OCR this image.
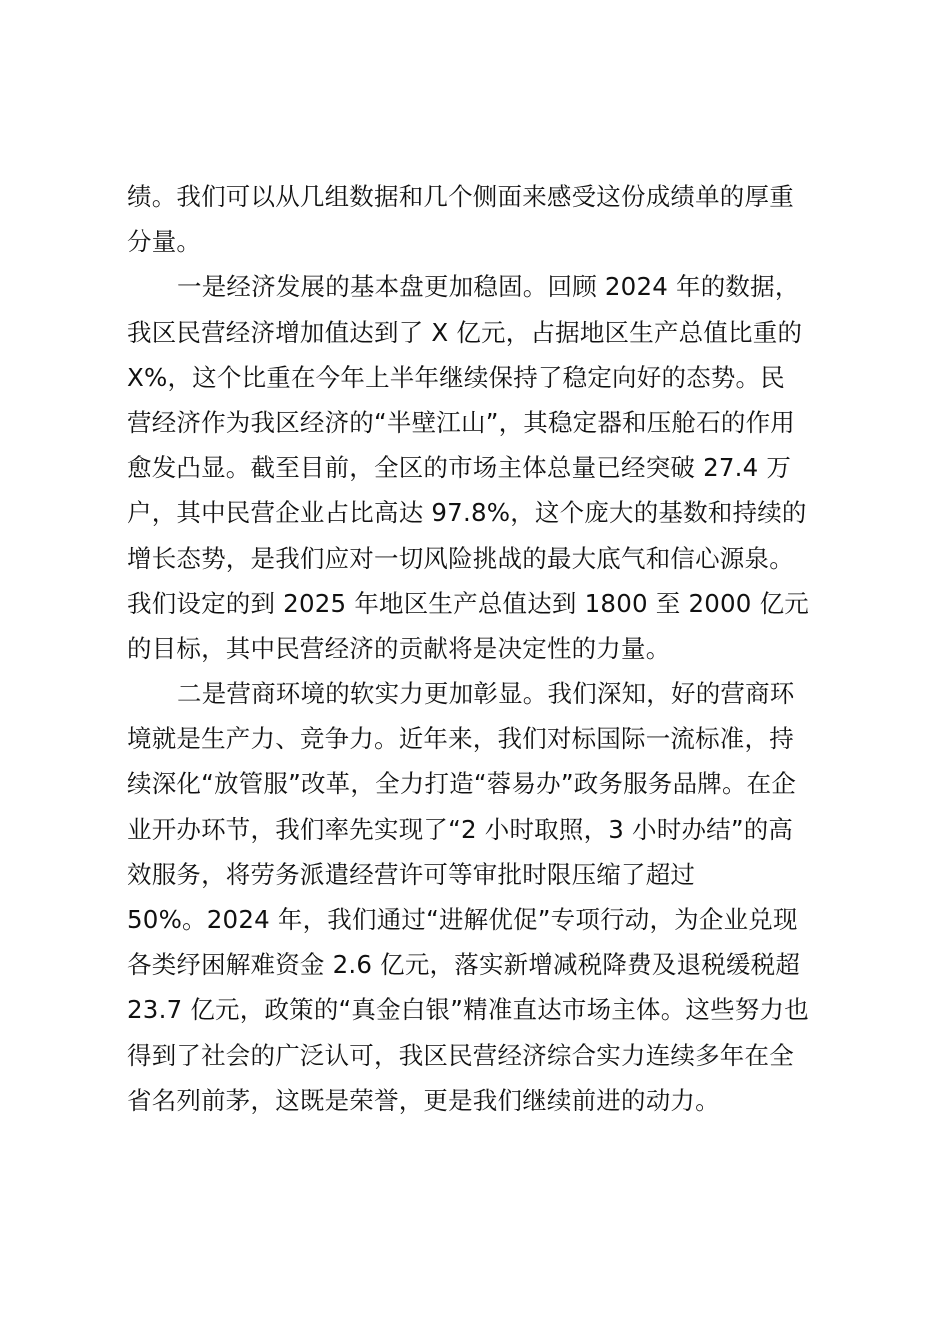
绩。我们可以从几组数据和几个侧面来感受这份成绩单的厚重
分量。
一是经济发展的基本盘更加稳固。回顾 2024 年的数据，
我区民营经济增加值达到了 X 亿元，占据地区生产总值比重的
X%，这个比重在今年上半年继续保持了稳定向好的态势。民
营经济作为我区经济的“半壁江山”，其稳定器和压舱石的作用
愈发凸显。截至目前，全区的市场主体总量已经突破 27.4 万
户，其中民营企业占比高达 97.8%，这个庞大的基数和持续的
增长态势，是我们应对一切风险挑战的最大底气和信心源泉。
我们设定的到 2025 年地区生产总值达到 1800 至 2000 亿元
的目标，其中民营经济的贡献将是决定性的力量。
二是营商环境的软实力更加彰显。我们深知，好的营商环
境就是生产力、竞争力。近年来，我们对标国际一流标准，持
续深化“放管服”改革，全力打造“蓉易办”政务服务品牌。在企
业开办环节，我们率先实现了“2 小时取照，3 小时办结”的高
效服务，将劳务派遣经营许可等审批时限压缩了超过
50%。2024 年，我们通过“进解优促”专项行动，为企业兑现
各类纾困解难资金 2.6 亿元，落实新增减税降费及退税缓税超
23.7 亿元，政策的“真金白银”精准直达市场主体。这些努力也
得到了社会的广泛认可，我区民营经济综合实力连续多年在全
省名列前茅，这既是荣誉，更是我们继续前进的动力。
